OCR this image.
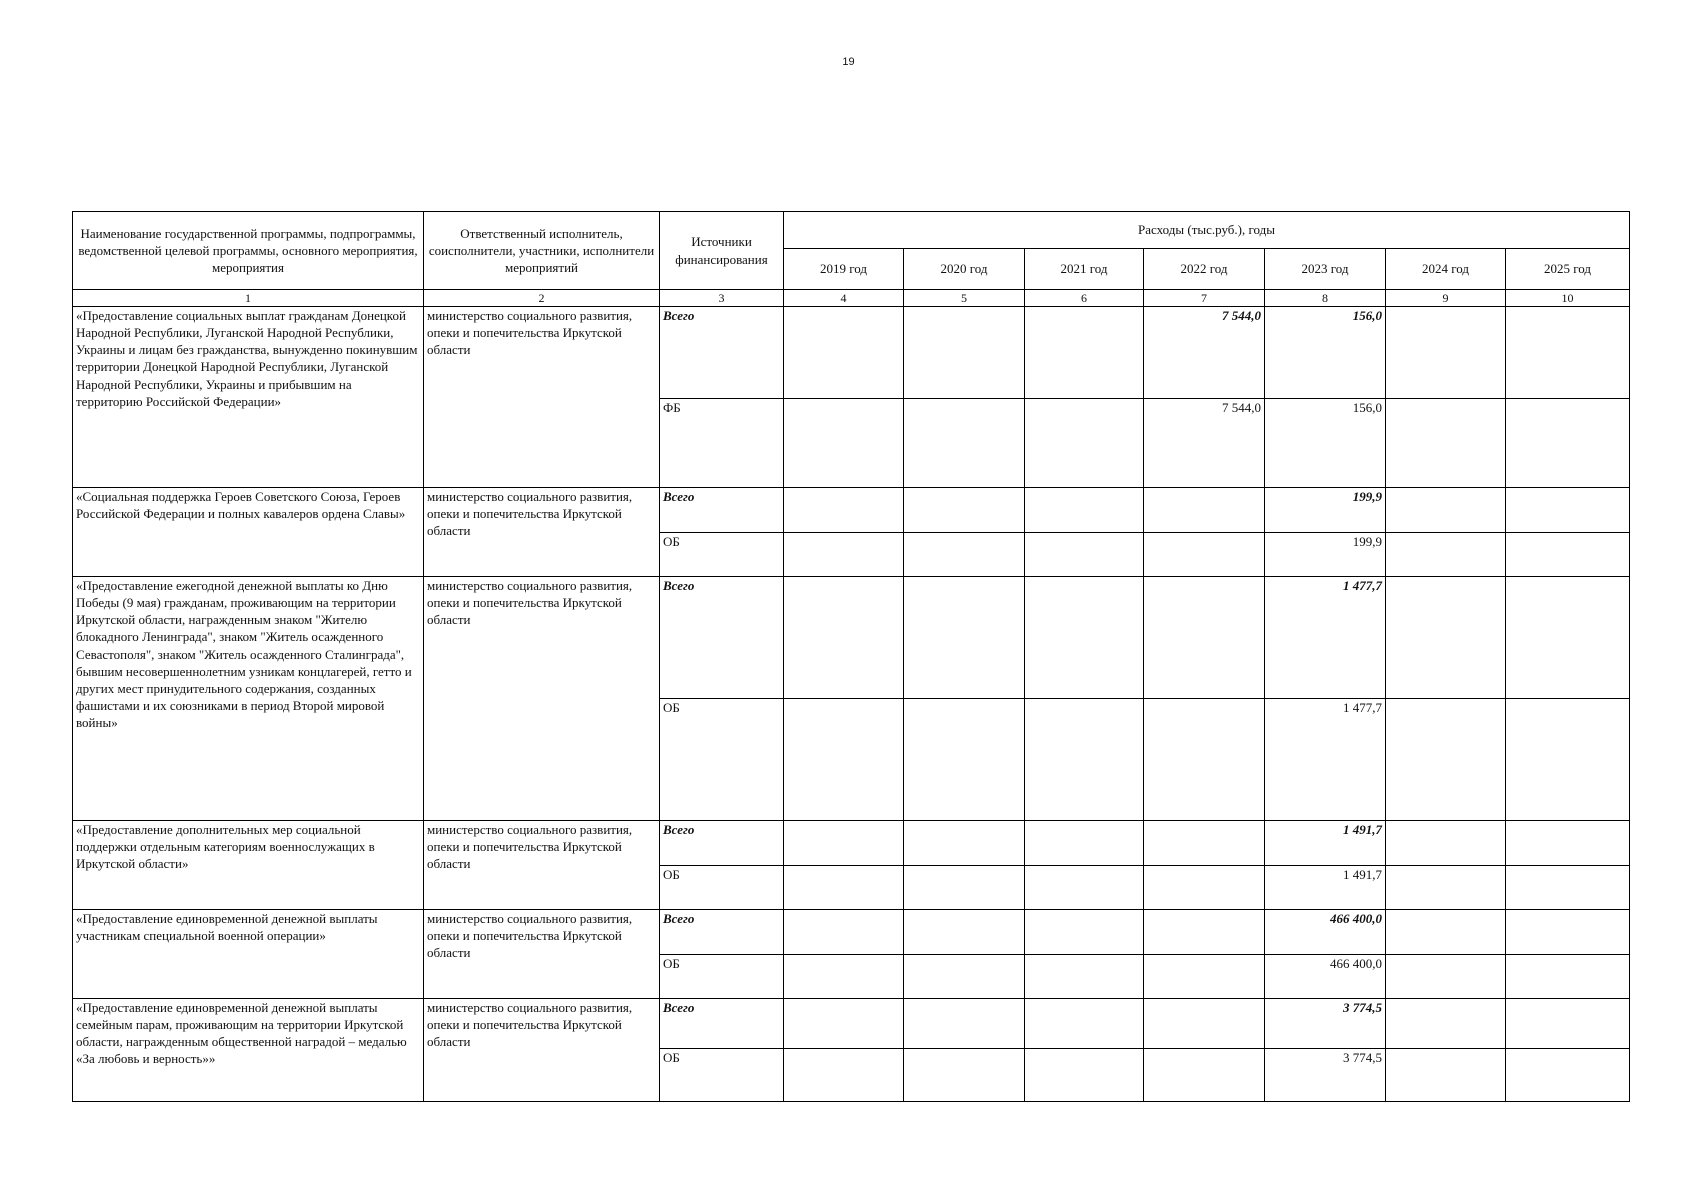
19
Наименование государственной программы, подпрограммы, ведомственной целевой программы, основного мероприятия, мероприятия	Ответственный исполнитель, соисполнители, участники, исполнители мероприятий	Источники финансирования	Расходы (тыс.руб.), годы						
			2019 год	2020 год	2021 год	2022 год	2023 год	2024 год	2025 год
1	2	3	4	5	6	7	8	9	10
«Предоставление социальных выплат гражданам Донецкой Народной Республики, Луганской Народной Республики, Украины и лицам без гражданства, вынужденно покинувшим территории Донецкой Народной Республики, Луганской Народной Республики, Украины и прибывшим на территорию Российской Федерации»	министерство социального развития, опеки и попечительства Иркутской области	Всего				7 544,0	156,0		
		ФБ				7 544,0	156,0		
«Социальная поддержка Героев Советского Союза, Героев Российской Федерации и полных кавалеров ордена Славы»	министерство социального развития, опеки и попечительства Иркутской области	Всего					199,9		
		ОБ					199,9		
«Предоставление ежегодной денежной выплаты ко Дню Победы (9 мая) гражданам, проживающим на территории Иркутской области, награжденным знаком "Жителю блокадного Ленинграда", знаком "Житель осажденного Севастополя", знаком "Житель осажденного Сталинграда", бывшим несовершеннолетним узникам концлагерей, гетто и других мест принудительного содержания, созданных фашистами и их союзниками в период Второй мировой войны»	министерство социального развития, опеки и попечительства Иркутской области	Всего					1 477,7		
		ОБ					1 477,7		
«Предоставление дополнительных мер социальной поддержки отдельным категориям военнослужащих в Иркутской области»	министерство социального развития, опеки и попечительства Иркутской области	Всего					1 491,7		
		ОБ					1 491,7		
«Предоставление единовременной денежной выплаты участникам специальной военной операции»	министерство социального развития, опеки и попечительства Иркутской области	Всего					466 400,0		
		ОБ					466 400,0		
«Предоставление единовременной денежной выплаты семейным парам, проживающим на территории Иркутской области, награжденным общественной наградой – медалью «За любовь и верность»»	министерство социального развития, опеки и попечительства Иркутской области	Всего					3 774,5		
		ОБ					3 774,5		
